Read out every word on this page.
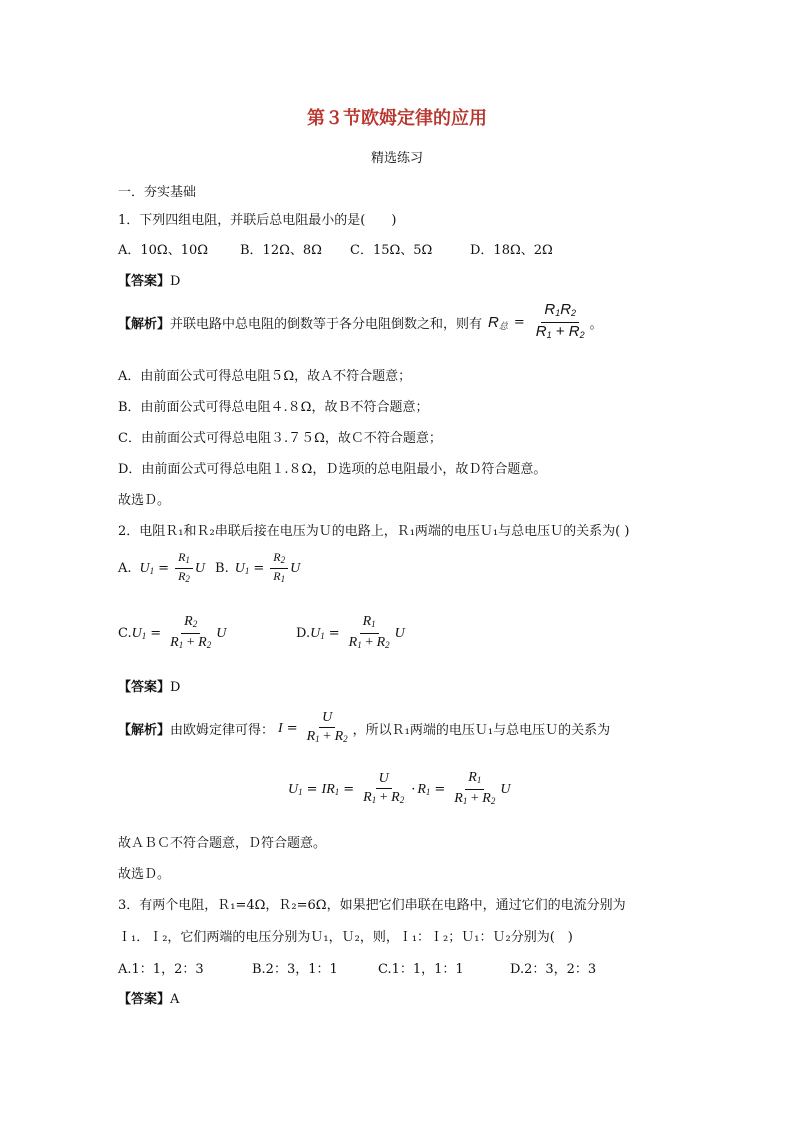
第３节欧姆定律的应用
精选练习
一．夯实基础
1．下列四组电阻，并联后总电阻最小的是(　　)
A．10Ω、10Ω B．12Ω、8Ω C．15Ω、5Ω	D．18Ω、2Ω
【答案】D
【解析】 并联电路中总电阻的倒数等于各分电阻倒数之和，则有 $R_总 = \frac{R_1R_2}{R_1 + R_2}$ 。
A．由前面公式可得总电阻５Ω，故Ａ不符合题意；
B．由前面公式可得总电阻４.８Ω，故Ｂ不符合题意；
C．由前面公式可得总电阻３.７５Ω，故Ｃ不符合题意；
D．由前面公式可得总电阻１.８Ω，Ｄ选项的总电阻最小，故Ｄ符合题意。
故选Ｄ。
2．电阻Ｒ₁和Ｒ₂串联后接在电压为Ｕ的电路上，Ｒ₁两端的电压Ｕ₁与总电压Ｕ的关系为( )
A. $U_1 = \frac{R_1}{R_2}$ U B. $U_1 = \frac{R_2}{R_1}$ U
C. $U_1 = \frac{R_2}{R_1 + R_2}$ U	D. $U_1 = \frac{R_1}{R_1 + R_2}$ U
【答案】D
【解析】 由欧姆定律可得： $I = \frac{U}{R_1 + R_2}$ ，所以Ｒ₁两端的电压Ｕ₁与总电压Ｕ的关系为
$U_1 = IR_1 = \frac{U}{R_1 + R_2} \cdot R_1 = \frac{R_1}{R_1 + R_2}$ U
故ＡＢＣ不符合题意，Ｄ符合题意。
故选Ｄ。
3．有两个电阻，Ｒ₁=4Ω，Ｒ₂=6Ω，如果把它们串联在电路中，通过它们的电流分别为
Ｉ₁．Ｉ₂，它们两端的电压分别为Ｕ₁，Ｕ₂，则，Ｉ₁：Ｉ₂；Ｕ₁：Ｕ₂分别为(　)
A.1：1，2：3	B.2：3，1：1	C.1：1，1：1	D.2：3，2：3
【答案】A
